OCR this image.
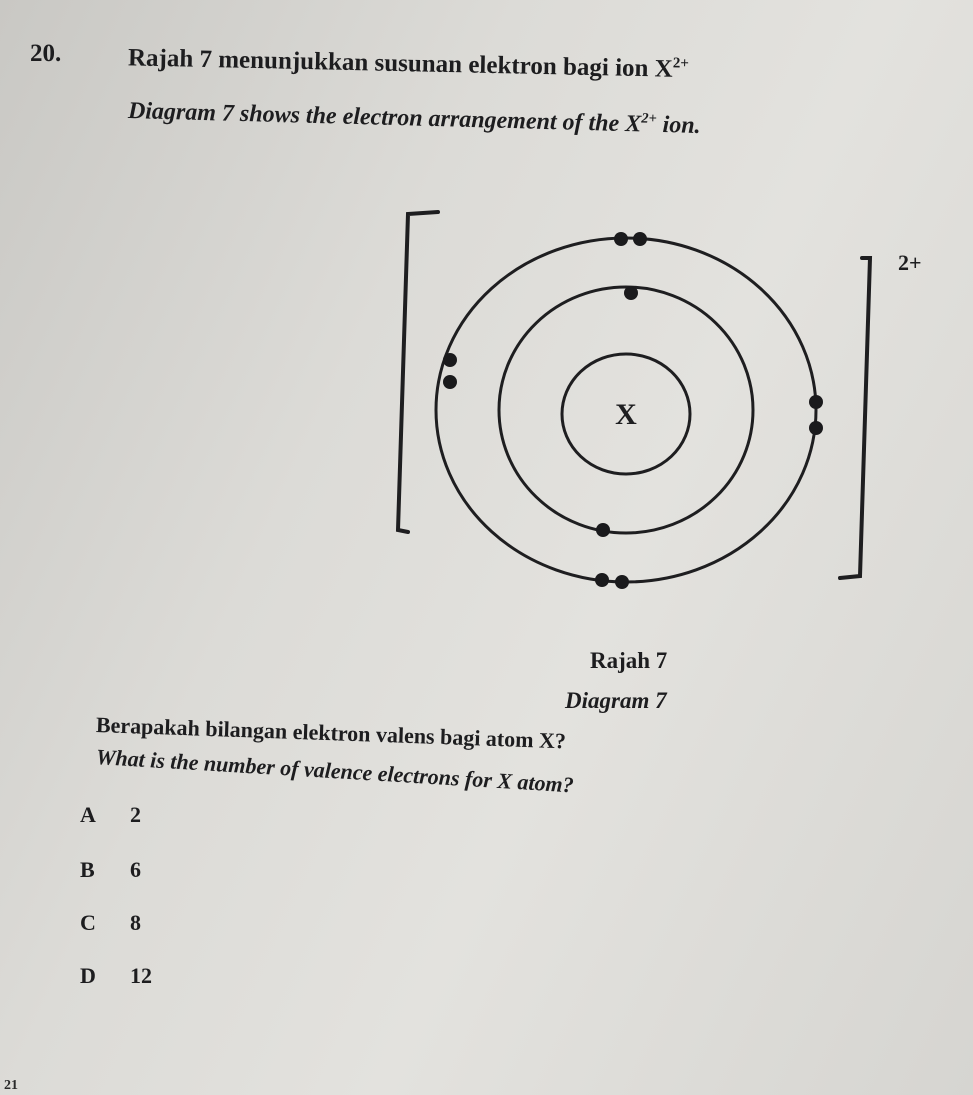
20.	Rajah 7 menunjukkan susunan elektron bagi ion $X^{2+}$
Diagram 7 shows the electron arrangement of the $X^{2+}$ ion.
2+
X
Rajah 7
Diagram 7
Berapakah bilangan elektron valens bagi atom X?
What is the number of valence electrons for X atom?
A 2
B 6
C 8
D 12
21
